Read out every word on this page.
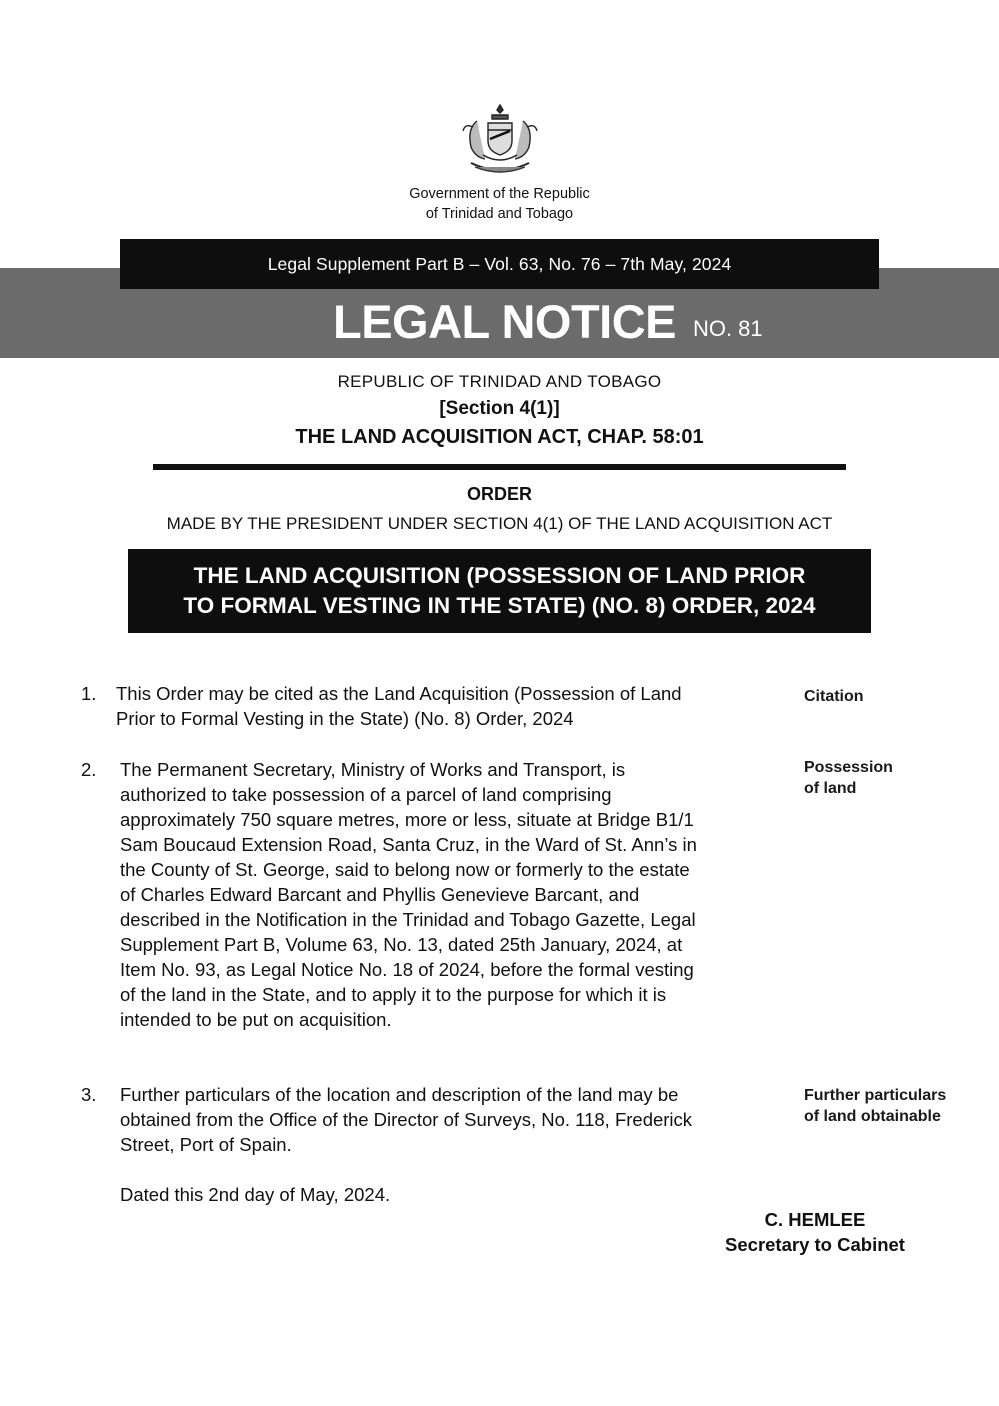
Government of the Republic
of Trinidad and Tobago
Legal Supplement Part B – Vol. 63, No. 76 – 7th May, 2024
LEGAL NOTICE NO. 81
REPUBLIC OF TRINIDAD AND TOBAGO
[Section 4(1)]
THE LAND ACQUISITION ACT, CHAP. 58:01
ORDER
MADE BY THE PRESIDENT UNDER SECTION 4(1) OF THE LAND ACQUISITION ACT
THE LAND ACQUISITION (POSSESSION OF LAND PRIOR
TO FORMAL VESTING IN THE STATE) (NO. 8) ORDER, 2024
1. This Order may be cited as the Land Acquisition (Possession of Land
Prior to Formal Vesting in the State) (No. 8) Order, 2024
Citation
2. The Permanent Secretary, Ministry of Works and Transport, is
authorized to take possession of a parcel of land comprising
approximately 750 square metres, more or less, situate at Bridge B1/1
Sam Boucaud Extension Road, Santa Cruz, in the Ward of St. Ann’s in
the County of St. George, said to belong now or formerly to the estate
of Charles Edward Barcant and Phyllis Genevieve Barcant, and
described in the Notification in the Trinidad and Tobago Gazette, Legal
Supplement Part B, Volume 63, No. 13, dated 25th January, 2024, at
Item No. 93, as Legal Notice No. 18 of 2024, before the formal vesting
of the land in the State, and to apply it to the purpose for which it is
intended to be put on acquisition.
Possession
of land
3. Further particulars of the location and description of the land may be
obtained from the Office of the Director of Surveys, No. 118, Frederick
Street, Port of Spain.
Further particulars
of land obtainable
Dated this 2nd day of May, 2024.
C. HEMLEE
Secretary to Cabinet
